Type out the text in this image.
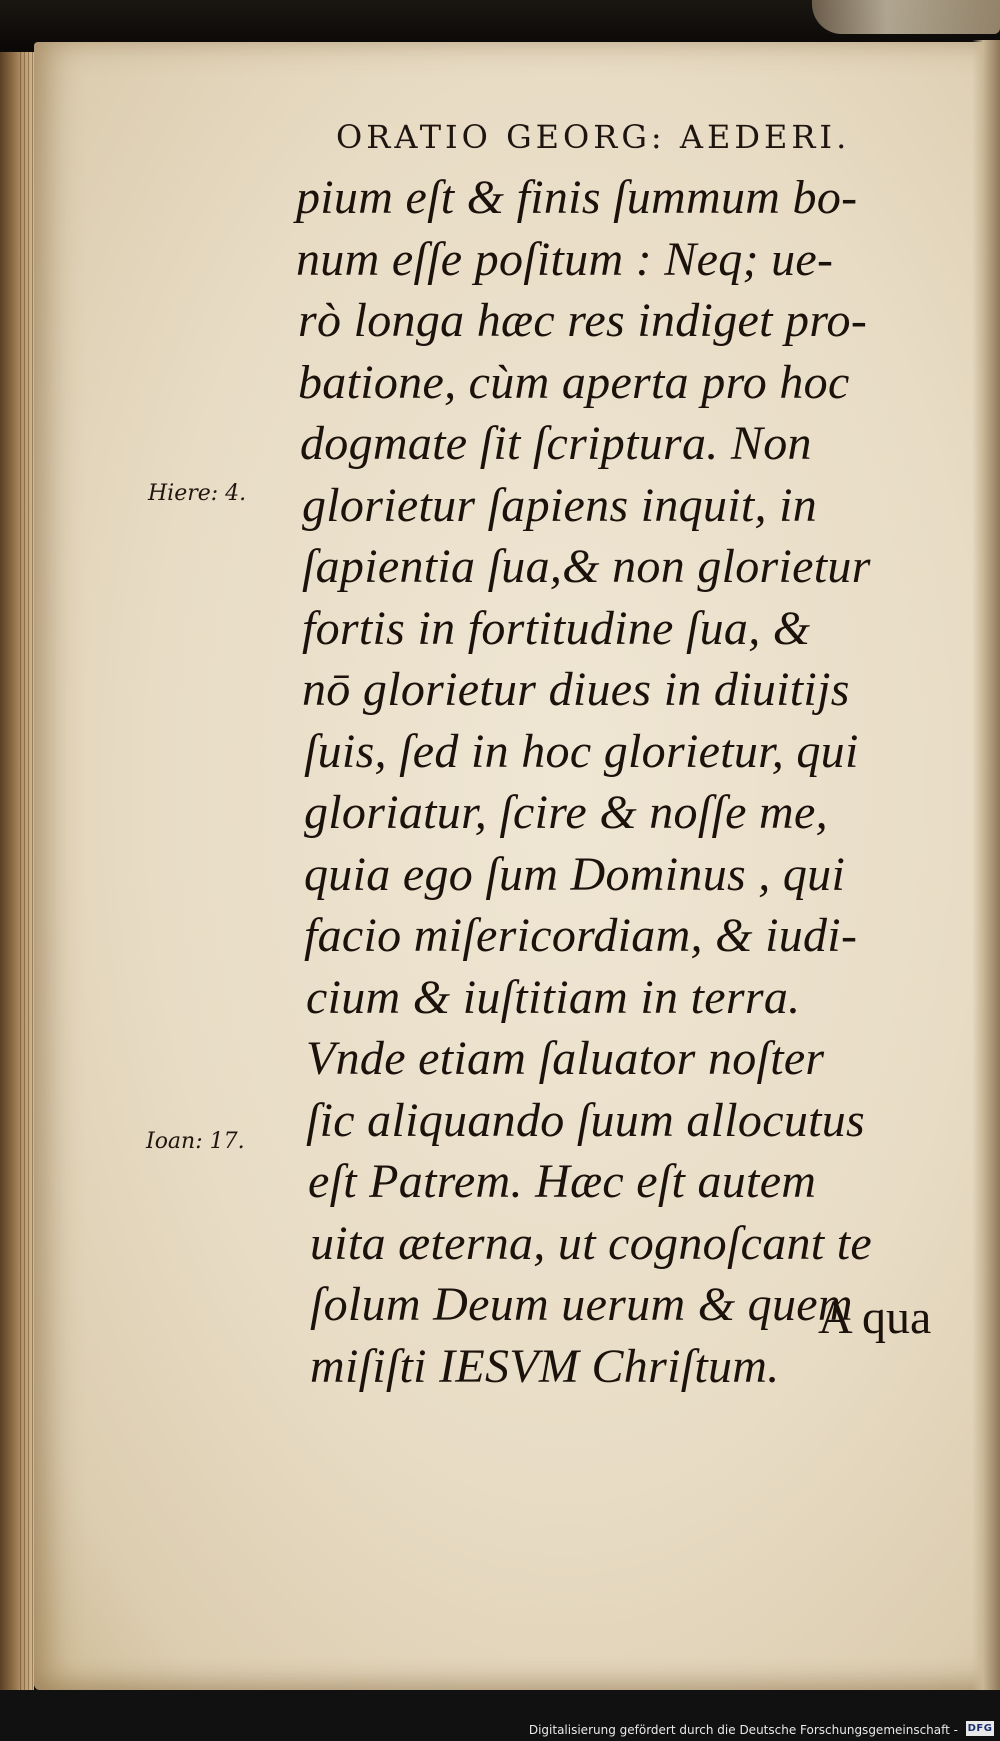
ORATIO GEORG: AEDERI.
pium eſt & finis ſummum bo-
num eſſe poſitum : Neq; ue-
rò longa hæc res indiget pro-
batione, cùm aperta pro hoc
dogmate ſit ſcriptura. Non
glorietur ſapiens inquit, in
ſapientia ſua,& non glorietur
fortis in fortitudine ſua, &
nō glorietur diues in diuitijs
ſuis, ſed in hoc glorietur, qui
gloriatur, ſcire & noſſe me,
quia ego ſum Dominus , qui
facio miſericordiam, & iudi-
cium & iuſtitiam in terra.
Vnde etiam ſaluator noſter
ſic aliquando ſuum allocutus
eſt Patrem. Hæc eſt autem
uita æterna, ut cognoſcant te
ſolum Deum uerum & quem
miſiſti IESVM Chriſtum.
Hiere: 4.
Ioan: 17.
A qua
Digitalisierung gefördert durch die Deutsche Forschungsgemeinschaft - DFG
